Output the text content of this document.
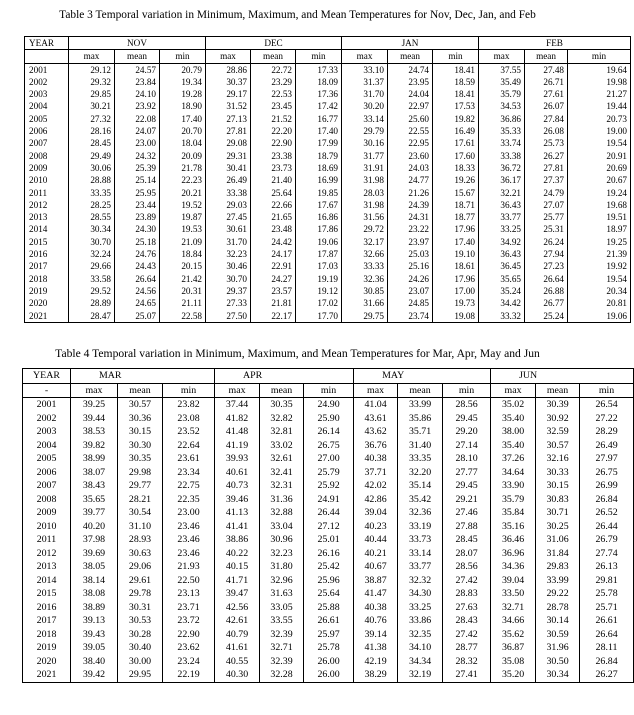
Table 3 Temporal variation in Minimum, Maximum, and Mean Temperatures for Nov, Dec, Jan, and Feb
YEAR	NOV			DEC			JAN			FEB		
	max	mean	min	max	mean	min	max	mean	min	max	mean	min
2001	29.12	24.57	20.79	28.86	22.72	17.33	33.10	24.74	18.41	37.55	27.48	19.64
2002	29.32	23.84	19.34	30.37	23.29	18.09	31.37	23.95	18.59	35.49	26.71	19.98
2003	29.85	24.10	19.28	29.17	22.53	17.36	31.70	24.04	18.41	35.79	27.61	21.27
2004	30.21	23.92	18.90	31.52	23.45	17.42	30.20	22.97	17.53	34.53	26.07	19.44
2005	27.32	22.08	17.40	27.13	21.52	16.77	33.14	25.60	19.82	36.86	27.84	20.73
2006	28.16	24.07	20.70	27.81	22.20	17.40	29.79	22.55	16.49	35.33	26.08	19.00
2007	28.45	23.00	18.04	29.08	22.90	17.99	30.16	22.95	17.61	33.74	25.73	19.54
2008	29.49	24.32	20.09	29.31	23.38	18.79	31.77	23.60	17.60	33.38	26.27	20.91
2009	30.06	25.39	21.78	30.41	23.73	18.69	31.91	24.03	18.33	36.72	27.81	20.69
2010	28.88	25.14	22.23	26.49	21.40	16.99	31.98	24.77	19.26	36.17	27.37	20.67
2011	33.35	25.95	20.21	33.38	25.64	19.85	28.03	21.26	15.67	32.21	24.79	19.24
2012	28.25	23.44	19.52	29.03	22.66	17.67	31.98	24.39	18.71	36.43	27.07	19.68
2013	28.55	23.89	19.87	27.45	21.65	16.86	31.56	24.31	18.77	33.77	25.77	19.51
2014	30.34	24.30	19.53	30.61	23.48	17.86	29.72	23.22	17.96	33.25	25.31	18.97
2015	30.70	25.18	21.09	31.70	24.42	19.06	32.17	23.97	17.40	34.92	26.24	19.25
2016	32.24	24.76	18.84	32.23	24.17	17.87	32.66	25.03	19.10	36.43	27.94	21.39
2017	29.66	24.43	20.15	30.46	22.91	17.03	33.33	25.16	18.61	36.45	27.23	19.92
2018	33.58	26.64	21.42	30.70	24.27	19.19	32.36	24.26	17.96	35.65	26.64	19.54
2019	29.52	24.56	20.31	29.37	23.57	19.12	30.85	23.07	17.00	35.24	26.88	20.34
2020	28.89	24.65	21.11	27.33	21.81	17.02	31.66	24.85	19.73	34.42	26.77	20.81
2021	28.47	25.07	22.58	27.50	22.17	17.70	29.75	23.74	19.08	33.32	25.24	19.06
Table 4 Temporal variation in Minimum, Maximum, and Mean Temperatures for Mar, Apr, May and Jun
YEAR	MAR			APR			MAY			JUN		
-	max	mean	min	max	mean	min	max	mean	min	max	mean	min
2001	39.25	30.57	23.82	37.44	30.35	24.90	41.04	33.99	28.56	35.02	30.39	26.54
2002	39.44	30.36	23.08	41.82	32.82	25.90	43.61	35.86	29.45	35.40	30.92	27.22
2003	38.53	30.15	23.52	41.48	32.81	26.14	43.62	35.71	29.20	38.00	32.59	28.29
2004	39.82	30.30	22.64	41.19	33.02	26.75	36.76	31.40	27.14	35.40	30.57	26.49
2005	38.99	30.35	23.61	39.93	32.61	27.00	40.38	33.35	28.10	37.26	32.16	27.97
2006	38.07	29.98	23.34	40.61	32.41	25.79	37.71	32.20	27.77	34.64	30.33	26.75
2007	38.43	29.77	22.75	40.73	32.31	25.92	42.02	35.14	29.45	33.90	30.15	26.99
2008	35.65	28.21	22.35	39.46	31.36	24.91	42.86	35.42	29.21	35.79	30.83	26.84
2009	39.77	30.54	23.00	41.13	32.88	26.44	39.04	32.36	27.46	35.84	30.71	26.52
2010	40.20	31.10	23.46	41.41	33.04	27.12	40.23	33.19	27.88	35.16	30.25	26.44
2011	37.98	28.93	23.46	38.86	30.96	25.01	40.44	33.73	28.45	36.46	31.06	26.79
2012	39.69	30.63	23.46	40.22	32.23	26.16	40.21	33.14	28.07	36.96	31.84	27.74
2013	38.05	29.06	21.93	40.15	31.80	25.42	40.67	33.77	28.56	34.36	29.83	26.13
2014	38.14	29.61	22.50	41.71	32.96	25.96	38.87	32.32	27.42	39.04	33.99	29.81
2015	38.08	29.78	23.13	39.47	31.63	25.64	41.47	34.30	28.83	33.50	29.22	25.78
2016	38.89	30.31	23.71	42.56	33.05	25.88	40.38	33.25	27.63	32.71	28.78	25.71
2017	39.13	30.53	23.72	42.61	33.55	26.61	40.76	33.86	28.43	34.66	30.14	26.61
2018	39.43	30.28	22.90	40.79	32.39	25.97	39.14	32.35	27.42	35.62	30.59	26.64
2019	39.05	30.40	23.62	41.61	32.71	25.78	41.38	34.10	28.77	36.87	31.96	28.11
2020	38.40	30.00	23.24	40.55	32.39	26.00	42.19	34.34	28.32	35.08	30.50	26.84
2021	39.42	29.95	22.19	40.30	32.28	26.00	38.29	32.19	27.41	35.20	30.34	26.27
